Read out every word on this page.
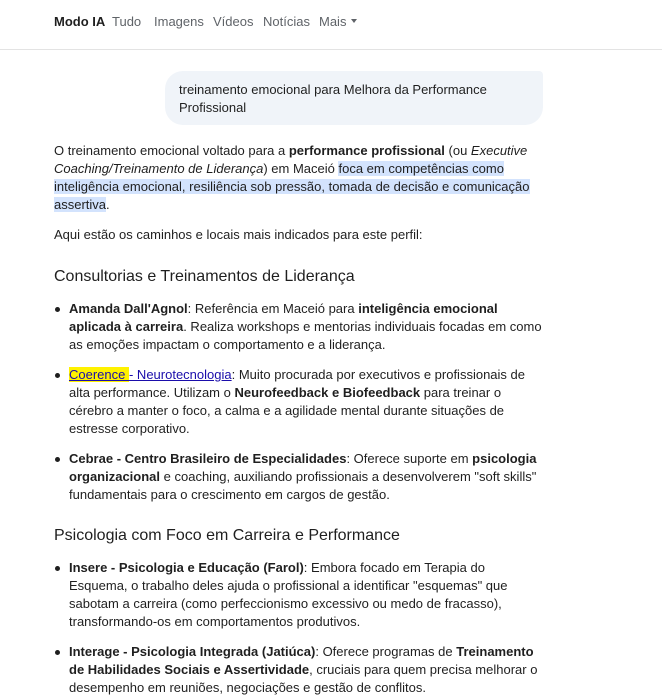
Modo IA Tudo Imagens Vídeos Notícias Mais
treinamento emocional para Melhora da Performance Profissional

O treinamento emocional voltado para a performance profissional (ou Executive Coaching/Treinamento de Liderança) em Maceió foca em competências como inteligência emocional, resiliência sob pressão, tomada de decisão e comunicação assertiva.

Aqui estão os caminhos e locais mais indicados para este perfil:

Consultorias e Treinamentos de Liderança
Amanda Dall'Agnol: Referência em Maceió para inteligência emocional aplicada à carreira. Realiza workshops e mentorias individuais focadas em como as emoções impactam o comportamento e a liderança.
Coerence - Neurotecnologia: Muito procurada por executivos e profissionais de alta performance. Utilizam o Neurofeedback e Biofeedback para treinar o cérebro a manter o foco, a calma e a agilidade mental durante situações de estresse corporativo.
Cebrae - Centro Brasileiro de Especialidades: Oferece suporte em psicologia organizacional e coaching, auxiliando profissionais a desenvolverem "soft skills" fundamentais para o crescimento em cargos de gestão.
Psicologia com Foco em Carreira e Performance
Insere - Psicologia e Educação (Farol): Embora focado em Terapia do Esquema, o trabalho deles ajuda o profissional a identificar "esquemas" que sabotam a carreira (como perfeccionismo excessivo ou medo de fracasso), transformando-os em comportamentos produtivos.
Interage - Psicologia Integrada (Jatiúca): Oferece programas de Treinamento de Habilidades Sociais e Assertividade, cruciais para quem precisa melhorar o desempenho em reuniões, negociações e gestão de conflitos.
